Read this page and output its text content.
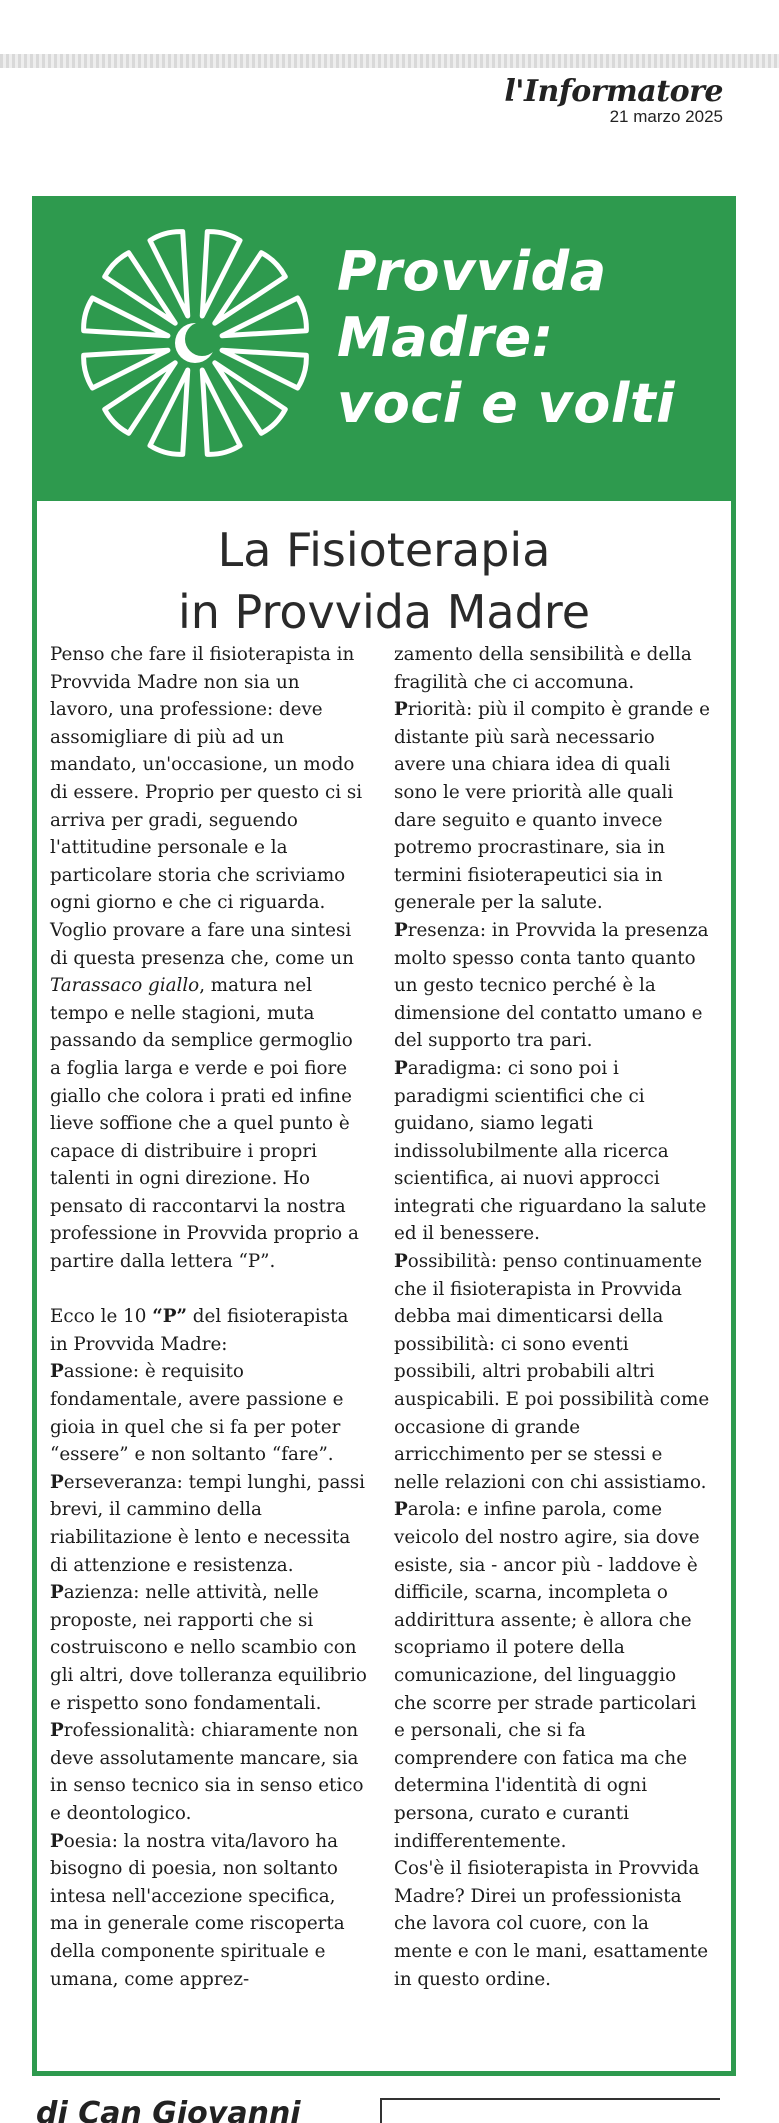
l'Informatore
21 marzo 2025
Provvida
Madre:
voci e volti
La Fisioterapia
in Provvida Madre

Penso che fare il fisioterapista in Provvida Madre non sia un lavoro, una professione: deve assomigliare di più ad un mandato, un'occasione, un modo di essere. Proprio per questo ci si arriva per gradi, seguendo l'attitudine personale e la particolare storia che scriviamo ogni giorno e che ci riguarda.

Voglio provare a fare una sintesi di questa presenza che, come un Tarassaco giallo, matura nel tempo e nelle stagioni, muta passando da semplice germoglio a foglia larga e verde e poi fiore giallo che colora i prati ed infine lieve soffione che a quel punto è capace di distribuire i propri talenti in ogni direzione. Ho pensato di raccontarvi la nostra professione in Provvida proprio a partire dalla lettera “P”.

Ecco le 10 “P” del fisioterapista in Provvida Madre:

Passione: è requisito fondamentale, avere passione e gioia in quel che si fa per poter “essere” e non soltanto “fare”.

Perseveranza: tempi lunghi, passi brevi, il cammino della riabilitazione è lento e necessita di attenzione e resistenza.

Pazienza: nelle attività, nelle proposte, nei rapporti che si costruiscono e nello scambio con gli altri, dove tolleranza equilibrio e rispetto sono fondamentali.

Professionalità: chiaramente non deve assolutamente mancare, sia in senso tecnico sia in senso etico e deontologico.

Poesia: la nostra vita/lavoro ha bisogno di poesia, non soltanto intesa nell'accezione specifica, ma in generale come riscoperta della componente spirituale e umana, come apprez-

zamento della sensibilità e della fragilità che ci accomuna.

Priorità: più il compito è grande e distante più sarà necessario avere una chiara idea di quali sono le vere priorità alle quali dare seguito e quanto invece potremo procrastinare, sia in termini fisioterapeutici sia in generale per la salute.

Presenza: in Provvida la presenza molto spesso conta tanto quanto un gesto tecnico perché è la dimensione del contatto umano e del supporto tra pari.

Paradigma: ci sono poi i paradigmi scientifici che ci guidano, siamo legati indissolubilmente alla ricerca scientifica, ai nuovi approcci integrati che riguardano la salute ed il benessere.

Possibilità: penso continuamente che il fisioterapista in Provvida debba mai dimenticarsi della possibilità: ci sono eventi possibili, altri probabili altri auspicabili. E poi possibilità come occasione di grande arricchimento per se stessi e nelle relazioni con chi assistiamo.

Parola: e infine parola, come veicolo del nostro agire, sia dove esiste, sia - ancor più - laddove è difficile, scarna, incompleta o addirittura assente; è allora che scopriamo il potere della comunicazione, del linguaggio che scorre per strade particolari e personali, che si fa comprendere con fatica ma che determina l'identità di ogni persona, curato e curanti indifferentemente.

Cos'è il fisioterapista in Provvida Madre? Direi un professionista che lavora col cuore, con la mente e con le mani, esattamente in questo ordine.

di Can Giovanni
